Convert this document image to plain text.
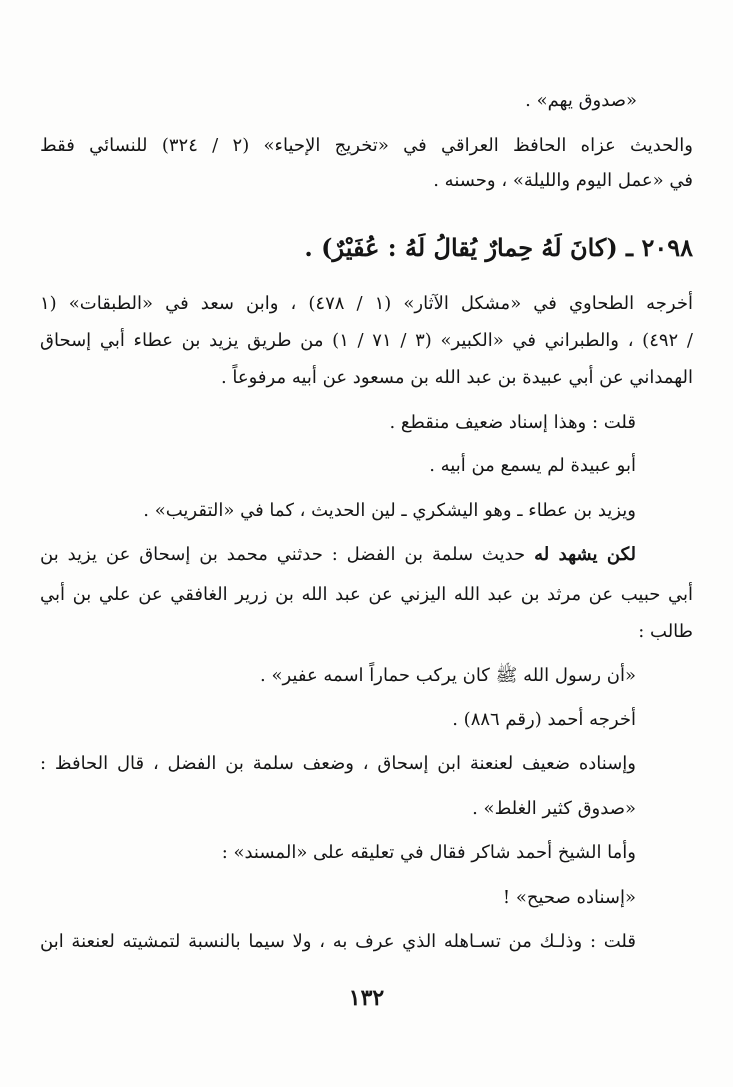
«صدوق يهم» .
والحديث عزاه الحافظ العراقي في «تخريج الإحياء» (٢ / ٣٢٤) للنسائي فقط
في «عمل اليوم والليلة» ، وحسنه .
٢٠٩٨ ـ (كانَ لَهُ حِمارٌ يُقالُ لَهُ : عُفَيْرٌ) .
أخرجه الطحاوي في «مشكل الآثار» (١ / ٤٧٨) ، وابن سعد في «الطبقات» (١
/ ٤٩٢) ، والطبراني في «الكبير» (٣ / ٧١ / ١) من طريق يزيد بن عطاء أبي إسحاق
الهمداني عن أبي عبيدة بن عبد الله بن مسعود عن أبيه مرفوعاً .
قلت : وهذا إسناد ضعيف منقطع .
أبو عبيدة لم يسمع من أبيه .
ويزيد بن عطاء ـ وهو اليشكري ـ لين الحديث ، كما في «التقريب» .
لكن يشهد له حديث سلمة بن الفضل : حدثني محمد بن إسحاق عن يزيد بن
أبي حبيب عن مرثد بن عبد الله اليزني عن عبد الله بن زرير الغافقي عن علي بن أبي
طالب :
«أن رسول الله ﷺ كان يركب حماراً اسمه عفير» .
أخرجه أحمد (رقم ٨٨٦) .
وإسناده ضعيف لعنعنة ابن إسحاق ، وضعف سلمة بن الفضل ، قال الحافظ :
«صدوق كثير الغلط» .
وأما الشيخ أحمد شاكر فقال في تعليقه على «المسند» :
«إسناده صحيح» !
قلت : وذلـك من تسـاهله الذي عرف به ، ولا سيما بالنسبة لتمشيته لعنعنة ابن
١٣٢
